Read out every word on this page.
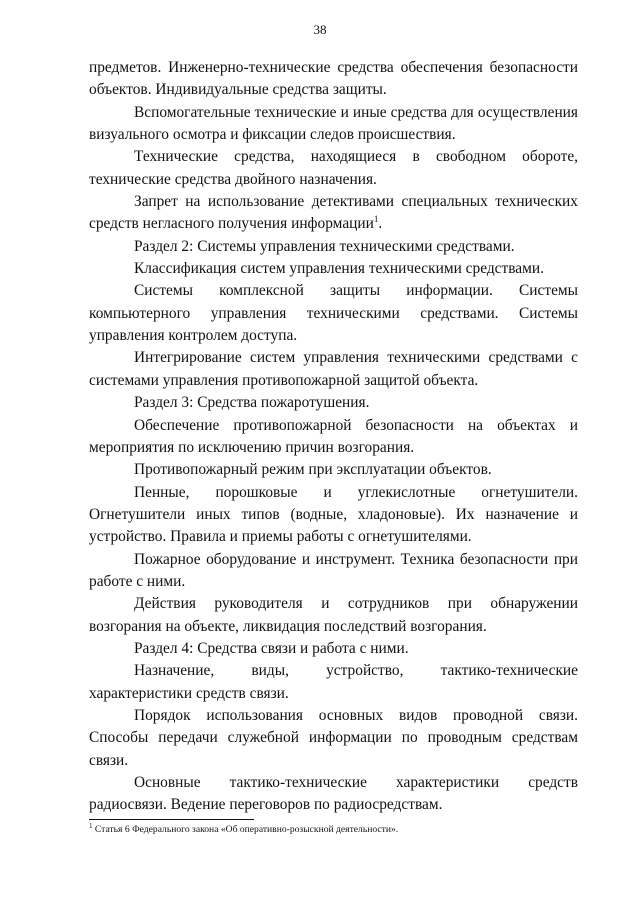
38

предметов. Инженерно-технические средства обеспечения безопасности объектов. Индивидуальные средства защиты.

Вспомогательные технические и иные средства для осуществления визуального осмотра и фиксации следов происшествия.

Технические средства, находящиеся в свободном обороте, технические средства двойного назначения.

Запрет на использование детективами специальных технических средств негласного получения информации$^1$.

Раздел 2: Системы управления техническими средствами.

Классификация систем управления техническими средствами.

Системы комплексной защиты информации. Системы компьютерного управления техническими средствами. Системы управления контролем доступа.

Интегрирование систем управления техническими средствами с системами управления противопожарной защитой объекта.

Раздел 3: Средства пожаротушения.

Обеспечение противопожарной безопасности на объектах и мероприятия по исключению причин возгорания.

Противопожарный режим при эксплуатации объектов.

Пенные, порошковые и углекислотные огнетушители. Огнетушители иных типов (водные, хладоновые). Их назначение и устройство. Правила и приемы работы с огнетушителями.

Пожарное оборудование и инструмент. Техника безопасности при работе с ними.

Действия руководителя и сотрудников при обнаружении возгорания на объекте, ликвидация последствий возгорания.

Раздел 4: Средства связи и работа с ними.

Назначение, виды, устройство, тактико-технические характеристики средств связи.

Порядок использования основных видов проводной связи. Способы передачи служебной информации по проводным средствам связи.

Основные тактико-технические характеристики средств радиосвязи. Ведение переговоров по радиосредствам.

$^1$ Статья 6 Федерального закона «Об оперативно-розыскной деятельности».
